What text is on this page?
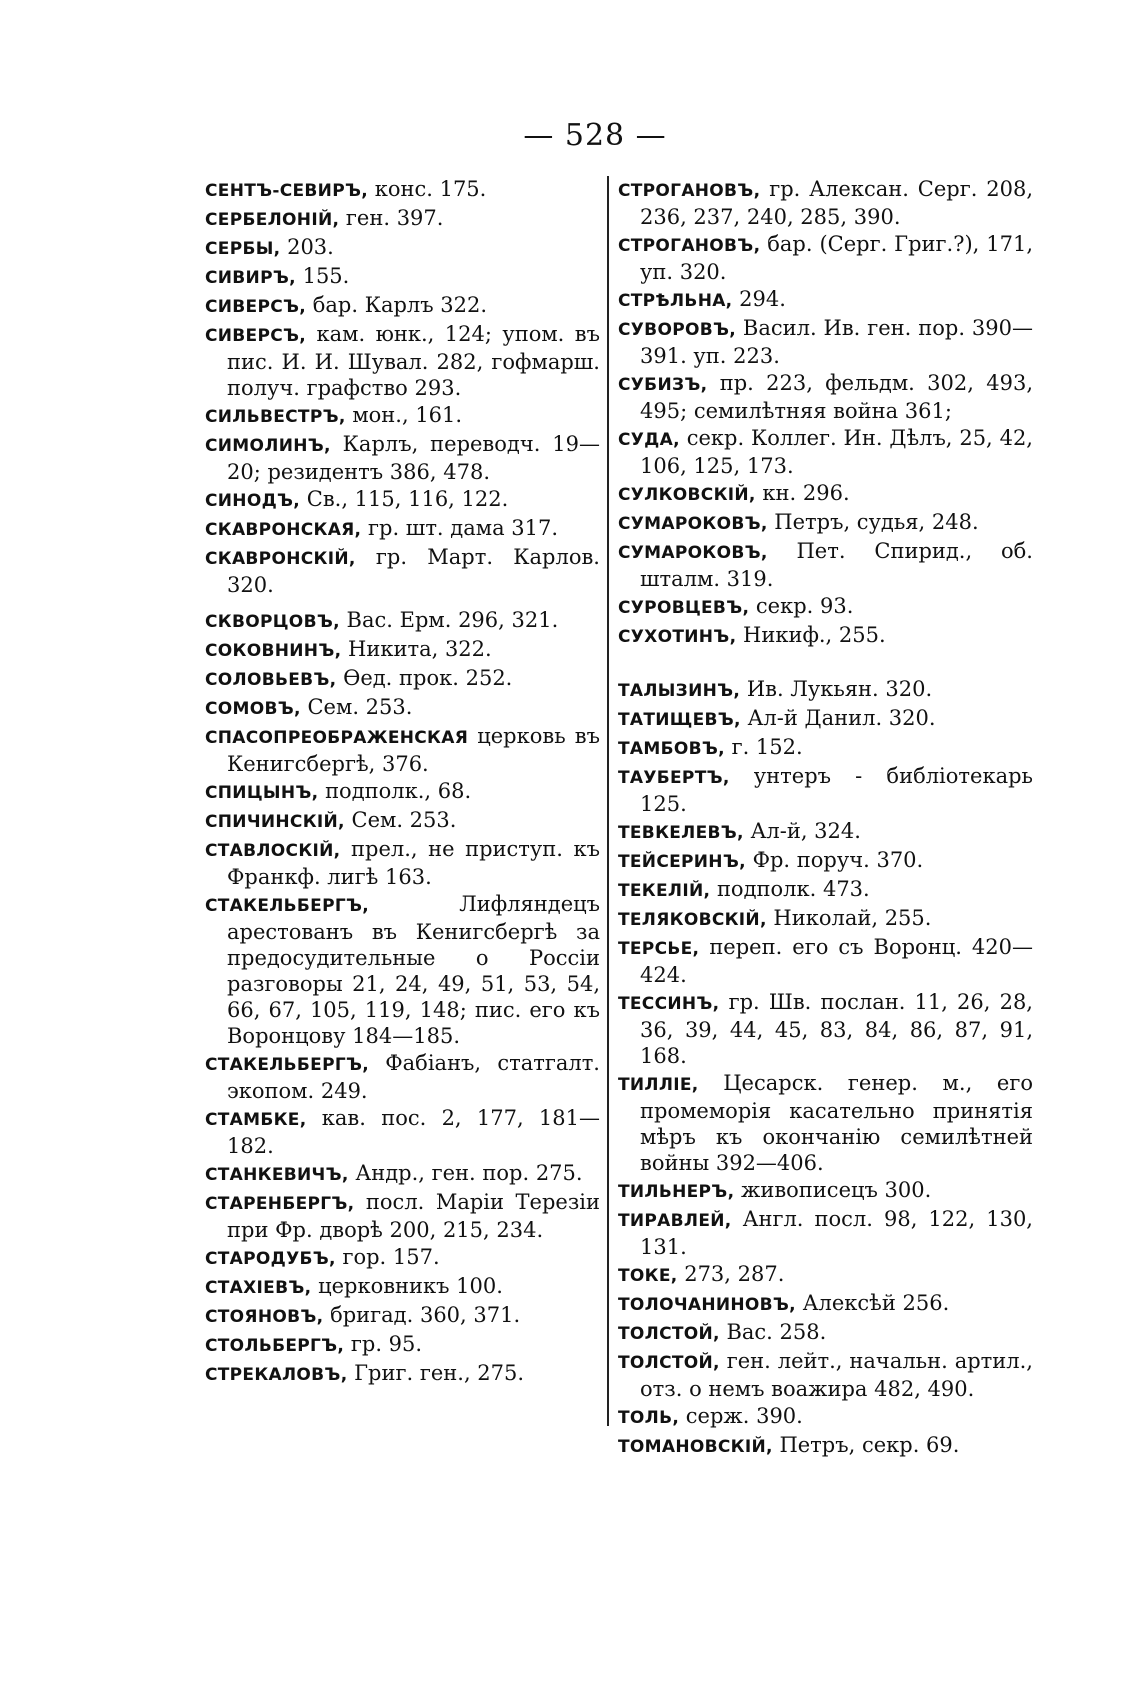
— 528 —
СЕНТЪ-СЕВИРЪ, конс. 175.
СЕРБЕЛОНІЙ, ген. 397.
СЕРБЫ, 203.
СИВИРЪ, 155.
СИВЕРСЪ, бар. Карлъ 322.
СИВЕРСЪ, кам. юнк., 124; упом. въ пис. И. И. Шувал. 282, гофмарш. получ. графство 293.
СИЛЬВЕСТРЪ, мон., 161.
СИМОЛИНЪ, Карлъ, переводч. 19—20; резидентъ 386, 478.
СИНОДЪ, Св., 115, 116, 122.
СКАВРОНСКАЯ, гр. шт. дама 317.
СКАВРОНСКІЙ, гр. Март. Карлов. 320.
СКВОРЦОВЪ, Вас. Ерм. 296, 321.
СОКОВНИНЪ, Никита, 322.
СОЛОВЬЕВЪ, Ѳед. прок. 252.
СОМОВЪ, Сем. 253.
СПАСОПРЕОБРАЖЕНСКАЯ церковь въ Кенигсбергѣ, 376.
СПИЦЫНЪ, подполк., 68.
СПИЧИНСКІЙ, Сем. 253.
СТАВЛОСКІЙ, прел., не приступ. къ Франкф. лигѣ 163.
СТАКЕЛЬБЕРГЪ,	Лифляндецъ арестованъ въ Кенигсбергѣ за предосудительные о Россіи разговоры 21, 24, 49, 51, 53, 54, 66, 67, 105, 119, 148; пис. его къ Воронцову 184—185.
СТАКЕЛЬБЕРГЪ, Фабіанъ, статгалт. экопом. 249.
СТАМБКЕ, кав. пос. 2, 177, 181—182.
СТАНКЕВИЧЪ, Андр., ген. пор. 275.
СТАРЕНБЕРГЪ, посл. Маріи Терезіи при Фр. дворѣ 200, 215, 234.
СТАРОДУБЪ, гор. 157.
СТАХІЕВЪ, церковникъ 100.
СТОЯНОВЪ, бригад. 360, 371.
СТОЛЬБЕРГЪ, гр. 95.
СТРЕКАЛОВЪ, Григ. ген., 275.
СТРОГАНОВЪ, гр. Алексан. Серг. 208, 236, 237, 240, 285, 390.
СТРОГАНОВЪ, бар. (Серг. Григ.?), 171, уп. 320.
СТРѢЛЬНА, 294.
СУВОРОВЪ, Васил. Ив. ген. пор. 390—391. уп. 223.
СУБИЗЪ, пр. 223, фельдм. 302, 493, 495; семилѣтняя война 361;
СУДА, секр. Коллег. Ин. Дѣлъ, 25, 42, 106, 125, 173.
СУЛКОВСКІЙ, кн. 296.
СУМАРОКОВЪ, Петръ, судья, 248.
СУМАРОКОВЪ, Пет. Спирид., об. шталм. 319.
СУРОВЦЕВЪ, секр. 93.
СУХОТИНЪ, Никиф., 255.
ТАЛЫЗИНЪ, Ив. Лукьян. 320.
ТАТИЩЕВЪ, Ал-й Данил. 320.
ТАМБОВЪ, г. 152.
ТАУБЕРТЪ, унтеръ - библіотекарь 125.
ТЕВКЕЛЕВЪ, Ал-й, 324.
ТЕЙСЕРИНЪ, Фр. поруч. 370.
ТЕКЕЛІЙ, подполк. 473.
ТЕЛЯКОВСКІЙ, Николай, 255.
ТЕРСЬЕ, переп. его съ Воронц. 420—424.
ТЕССИНЪ, гр. Шв. послан. 11, 26, 28, 36, 39, 44, 45, 83, 84, 86, 87, 91, 168.
ТИЛЛІЕ, Цесарск. генер. м., его промеморія касательно принятія мѣръ къ окончанію семилѣтней войны 392—406.
ТИЛЬНЕРЪ, живописецъ 300.
ТИРАВЛЕЙ, Англ. посл. 98, 122, 130, 131.
ТОКЕ, 273, 287.
ТОЛОЧАНИНОВЪ, Алексѣй 256.
ТОЛСТОЙ, Вас. 258.
ТОЛСТОЙ, ген. лейт., начальн. артил., отз. о немъ воажира 482, 490.
ТОЛЬ, серж. 390.
ТОМАНОВСКІЙ, Петръ, секр. 69.
